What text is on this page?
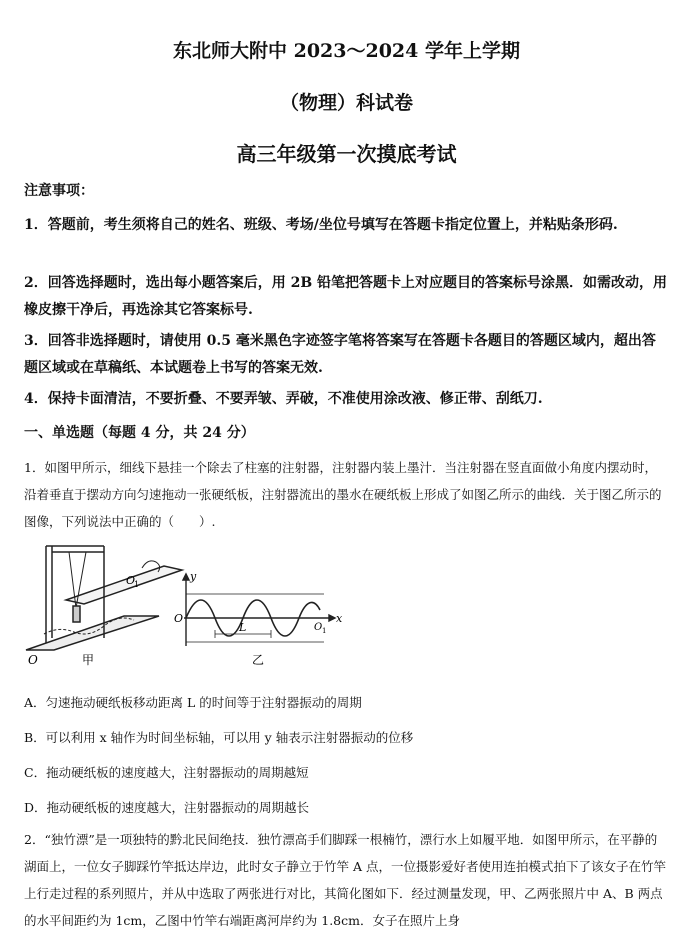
东北师大附中 2023～2024 学年上学期
（物理）科试卷
高三年级第一次摸底考试
注意事项：
1．答题前，考生须将自己的姓名、班级、考场/坐位号填写在答题卡指定位置上，并粘贴条形码.
2．回答选择题时，选出每小题答案后，用 2B 铅笔把答题卡上对应题目的答案标号涂黑．如需改动，用橡皮擦干净后，再选涂其它答案标号.
3．回答非选择题时，请使用 0.5 毫米黑色字迹签字笔将答案写在答题卡各题目的答题区域内，超出答题区域或在草稿纸、本试题卷上书写的答案无效.
4．保持卡面清洁，不要折叠、不要弄皱、弄破，不准使用涂改液、修正带、刮纸刀.
一、单选题（每题 4 分，共 24 分）
1．如图甲所示，细线下悬挂一个除去了柱塞的注射器，注射器内装上墨汁．当注射器在竖直面做小角度内摆动时，沿着垂直于摆动方向匀速拖动一张硬纸板，注射器流出的墨水在硬纸板上形成了如图乙所示的曲线．关于图乙所示的图像，下列说法中正确的（　　）.
O
O
1
甲
y
x
O
O 1
L
乙
A．匀速拖动硬纸板移动距离 L 的时间等于注射器振动的周期
B．可以利用 x 轴作为时间坐标轴，可以用 y 轴表示注射器振动的位移
C．拖动硬纸板的速度越大，注射器振动的周期越短
D．拖动硬纸板的速度越大，注射器振动的周期越长
2．“独竹漂”是一项独特的黔北民间绝技．独竹漂高手们脚踩一根楠竹，漂行水上如履平地．如图甲所示，在平静的湖面上，一位女子脚踩竹竿抵达岸边，此时女子静立于竹竿 A 点，一位摄影爱好者使用连拍模式拍下了该女子在竹竿上行走过程的系列照片，并从中选取了两张进行对比，其简化图如下．经过测量发现，甲、乙两张照片中 A、B 两点的水平间距约为 1cm，乙图中竹竿右端距离河岸约为 1.8cm．女子在照片上身
